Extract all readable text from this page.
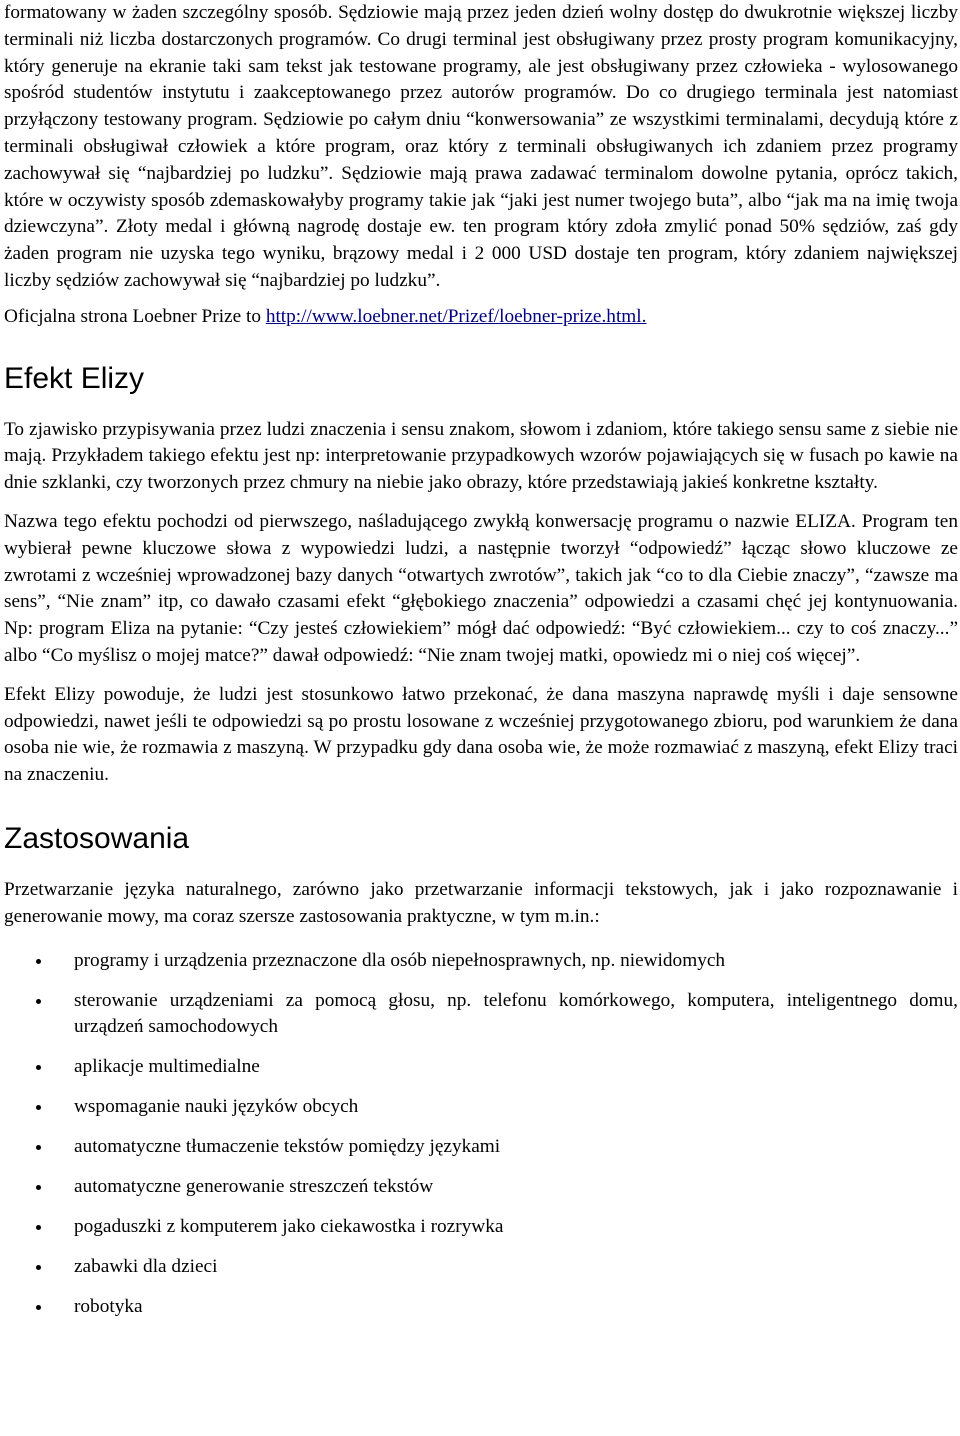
formatowany w żaden szczególny sposób. Sędziowie mają przez jeden dzień wolny dostęp do dwukrotnie większej liczby terminali niż liczba dostarczonych programów. Co drugi terminal jest obsługiwany przez prosty program komunikacyjny, który generuje na ekranie taki sam tekst jak testowane programy, ale jest obsługiwany przez człowieka - wylosowanego spośród studentów instytutu i zaakceptowanego przez autorów programów. Do co drugiego terminala jest natomiast przyłączony testowany program. Sędziowie po całym dniu “konwersowania” ze wszystkimi terminalami, decydują które z terminali obsługiwał człowiek a które program, oraz który z terminali obsługiwanych ich zdaniem przez programy zachowywał się “najbardziej po ludzku”. Sędziowie mają prawa zadawać terminalom dowolne pytania, oprócz takich, które w oczywisty sposób zdemaskowałyby programy takie jak “jaki jest numer twojego buta”, albo “jak ma na imię twoja dziewczyna”. Złoty medal i główną nagrodę dostaje ew. ten program który zdoła zmylić ponad 50% sędziów, zaś gdy żaden program nie uzyska tego wyniku, brązowy medal i 2 000 USD dostaje ten program, który zdaniem największej liczby sędziów zachowywał się “najbardziej po ludzku”.

Oficjalna strona Loebner Prize to http://www.loebner.net/Prizef/loebner-prize.html.

Efekt Elizy

To zjawisko przypisywania przez ludzi znaczenia i sensu znakom, słowom i zdaniom, które takiego sensu same z siebie nie mają. Przykładem takiego efektu jest np: interpretowanie przypadkowych wzorów pojawiających się w fusach po kawie na dnie szklanki, czy tworzonych przez chmury na niebie jako obrazy, które przedstawiają jakieś konkretne kształty.

Nazwa tego efektu pochodzi od pierwszego, naśladującego zwykłą konwersację programu o nazwie ELIZA. Program ten wybierał pewne kluczowe słowa z wypowiedzi ludzi, a następnie tworzył “odpowiedź” łącząc słowo kluczowe ze zwrotami z wcześniej wprowadzonej bazy danych “otwartych zwrotów”, takich jak “co to dla Ciebie znaczy”, “zawsze ma sens”, “Nie znam” itp, co dawało czasami efekt “głębokiego znaczenia” odpowiedzi a czasami chęć jej kontynuowania. Np: program Eliza na pytanie: “Czy jesteś człowiekiem” mógł dać odpowiedź: “Być człowiekiem... czy to coś znaczy...” albo “Co myślisz o mojej matce?” dawał odpowiedź: “Nie znam twojej matki, opowiedz mi o niej coś więcej”.

Efekt Elizy powoduje, że ludzi jest stosunkowo łatwo przekonać, że dana maszyna naprawdę myśli i daje sensowne odpowiedzi, nawet jeśli te odpowiedzi są po prostu losowane z wcześniej przygotowanego zbioru, pod warunkiem że dana osoba nie wie, że rozmawia z maszyną. W przypadku gdy dana osoba wie, że może rozmawiać z maszyną, efekt Elizy traci na znaczeniu.

Zastosowania

Przetwarzanie języka naturalnego, zarówno jako przetwarzanie informacji tekstowych, jak i jako rozpoznawanie i generowanie mowy, ma coraz szersze zastosowania praktyczne, w tym m.in.:

programy i urządzenia przeznaczone dla osób niepełnosprawnych, np. niewidomych
sterowanie urządzeniami za pomocą głosu, np. telefonu komórkowego, komputera, inteligentnego domu, urządzeń samochodowych
aplikacje multimedialne
wspomaganie nauki języków obcych
automatyczne tłumaczenie tekstów pomiędzy językami
automatyczne generowanie streszczeń tekstów
pogaduszki z komputerem jako ciekawostka i rozrywka
zabawki dla dzieci
robotyka
